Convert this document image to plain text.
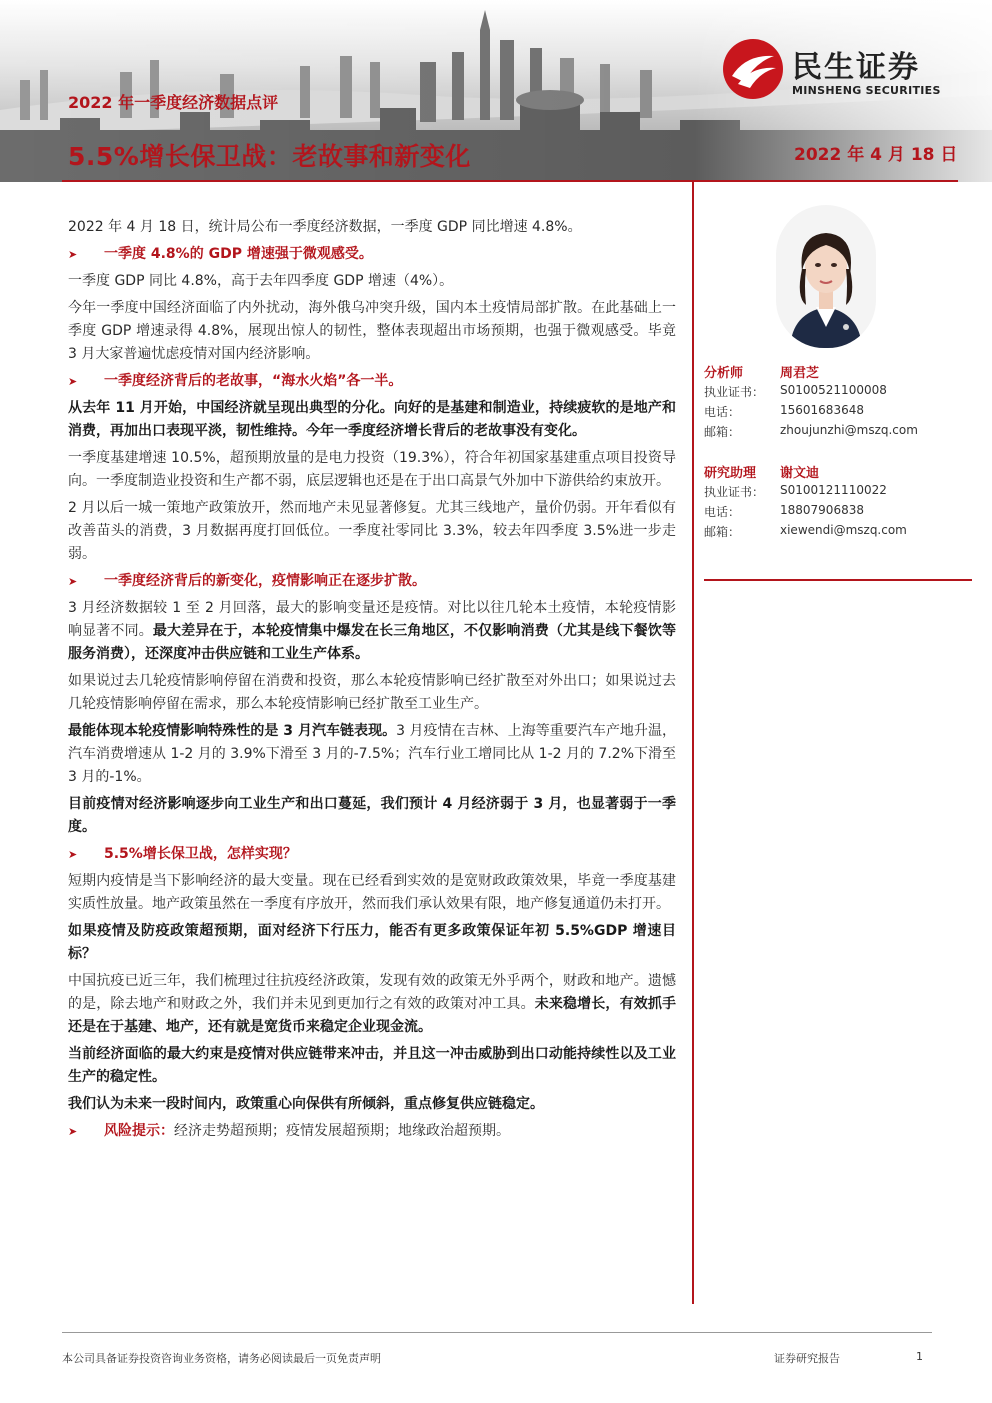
民生证券
MINSHENG SECURITIES
2022 年一季度经济数据点评
5.5%增长保卫战：老故事和新变化	2022 年 4 月 18 日

2022 年 4 月 18 日，统计局公布一季度经济数据，一季度 GDP 同比增速 4.8%。

➤ 一季度 4.8%的 GDP 增速强于微观感受。

一季度 GDP 同比 4.8%，高于去年四季度 GDP 增速（4%）。

今年一季度中国经济面临了内外扰动，海外俄乌冲突升级，国内本土疫情局部扩散。在此基础上一季度 GDP 增速录得 4.8%，展现出惊人的韧性，整体表现超出市场预期，也强于微观感受。毕竟 3 月大家普遍忧虑疫情对国内经济影响。

➤ 一季度经济背后的老故事，“海水火焰”各一半。

从去年 11 月开始，中国经济就呈现出典型的分化。向好的是基建和制造业，持续疲软的是地产和消费，再加出口表现平淡，韧性维持。今年一季度经济增长背后的老故事没有变化。

一季度基建增速 10.5%，超预期放量的是电力投资（19.3%），符合年初国家基建重点项目投资导向。一季度制造业投资和生产都不弱，底层逻辑也还是在于出口高景气外加中下游供给约束放开。

2 月以后一城一策地产政策放开，然而地产未见显著修复。尤其三线地产，量价仍弱。开年看似有改善苗头的消费，3 月数据再度打回低位。一季度社零同比 3.3%，较去年四季度 3.5%进一步走弱。

➤ 一季度经济背后的新变化，疫情影响正在逐步扩散。

3 月经济数据较 1 至 2 月回落，最大的影响变量还是疫情。对比以往几轮本土疫情，本轮疫情影响显著不同。最大差异在于，本轮疫情集中爆发在长三角地区，不仅影响消费（尤其是线下餐饮等服务消费），还深度冲击供应链和工业生产体系。

如果说过去几轮疫情影响停留在消费和投资，那么本轮疫情影响已经扩散至对外出口；如果说过去几轮疫情影响停留在需求，那么本轮疫情影响已经扩散至工业生产。

最能体现本轮疫情影响特殊性的是 3 月汽车链表现。3 月疫情在吉林、上海等重要汽车产地升温，汽车消费增速从 1-2 月的 3.9%下滑至 3 月的-7.5%；汽车行业工增同比从 1-2 月的 7.2%下滑至 3 月的-1%。

目前疫情对经济影响逐步向工业生产和出口蔓延，我们预计 4 月经济弱于 3 月，也显著弱于一季度。

➤ 5.5%增长保卫战，怎样实现？

短期内疫情是当下影响经济的最大变量。现在已经看到实效的是宽财政政策效果，毕竟一季度基建实质性放量。地产政策虽然在一季度有序放开，然而我们承认效果有限，地产修复通道仍未打开。

如果疫情及防疫政策超预期，面对经济下行压力，能否有更多政策保证年初 5.5%GDP 增速目标？

中国抗疫已近三年，我们梳理过往抗疫经济政策，发现有效的政策无外乎两个，财政和地产。遗憾的是，除去地产和财政之外，我们并未见到更加行之有效的政策对冲工具。未来稳增长，有效抓手还是在于基建、地产，还有就是宽货币来稳定企业现金流。

当前经济面临的最大约束是疫情对供应链带来冲击，并且这一冲击威胁到出口动能持续性以及工业生产的稳定性。

我们认为未来一段时间内，政策重心向保供有所倾斜，重点修复供应链稳定。

➤ 风险提示：经济走势超预期；疫情发展超预期；地缘政治超预期。
分析师	周君芝
执业证书： S0100521100008
电话：	15601683648
邮箱：	zhoujunzhi@mszq.com
研究助理 谢文迪
执业证书： S0100121110022
电话：	18807906838
邮箱：	xiewendi@mszq.com
本公司具备证券投资咨询业务资格，请务必阅读最后一页免责声明	证券研究报告	1
